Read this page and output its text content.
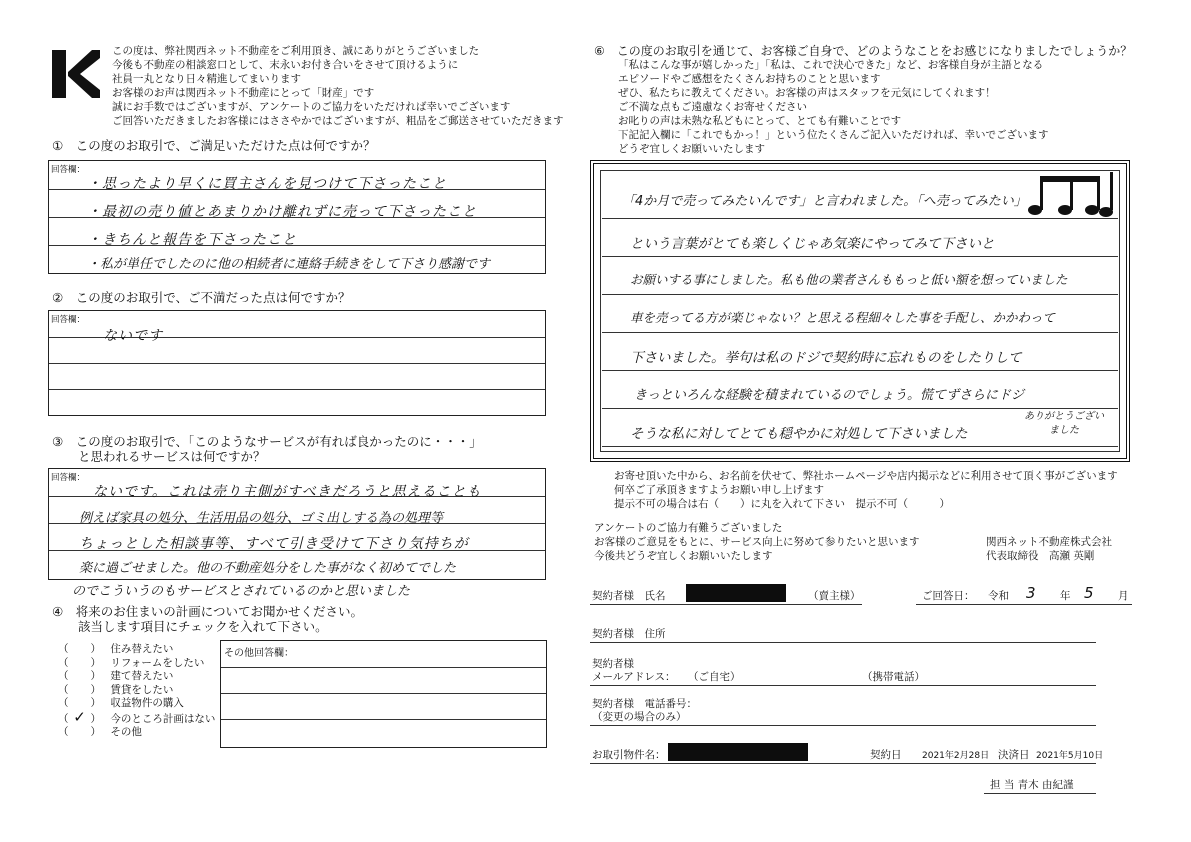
この度は、弊社関西ネット不動産をご利用頂き、誠にありがとうございました
今後も不動産の相談窓口として、末永いお付き合いをさせて頂けるように
社員一丸となり日々精進してまいります
お客様のお声は関西ネット不動産にとって「財産」です
誠にお手数ではございますが、アンケートのご協力をいただければ幸いでございます
ご回答いただきましたお客様にはささやかではございますが、粗品をご郵送させていただきます
①　この度のお取引で、ご満足いただけた点は何ですか？
回答欄：
・思ったより早くに買主さんを見つけて下さったこと
・最初の売り値とあまりかけ離れずに売って下さったこと
・きちんと報告を下さったこと
・私が単任でしたのに他の相続者に連絡手続きをして下さり感謝です
②　この度のお取引で、ご不満だった点は何ですか？
回答欄：
ないです
③　この度のお取引で、「このようなサービスが有れば良かったのに・・・」
と思われるサービスは何ですか？
回答欄：
ないです。これは売り主側がすべきだろうと思えることも
例えば家具の処分、生活用品の処分、ゴミ出しする為の処理等
ちょっとした相談事等、すべて引き受けて下さり気持ちが
楽に過ごせました。他の不動産処分をした事がなく初めてでした
のでこういうのもサービスとされているのかと思いました
④　将来のお住まいの計画についてお聞かせください。
該当します項目にチェックを入れて下さい。
（ ） 住み替えたい
（ ） リフォームをしたい
（ ） 建て替えたい
（ ） 賃貸をしたい
（ ） 収益物件の購入
（ ✓ ） 今のところ計画はない
（ ） その他
その他回答欄：
⑥　この度のお取引を通じて、お客様ご自身で、どのようなことをお感じになりましたでしょうか？
「私はこんな事が嬉しかった」「私は、これで決心できた」など、お客様自身が主語となる
エピソードやご感想をたくさんお持ちのことと思います
ぜひ、私たちに教えてください。お客様の声はスタッフを元気にしてくれます！
ご不満な点もご遠慮なくお寄せください
お叱りの声は未熟な私どもにとって、とても有難いことです
下記記入欄に「これでもかっ！」という位たくさんご記入いただければ、幸いでございます
どうぞ宜しくお願いいたします
「4か月で売ってみたいんです」と言われました。「へ売ってみたい」
という言葉がとても楽しくじゃあ気楽にやってみて下さいと
お願いする事にしました。私も他の業者さんももっと低い額を想っていました
車を売ってる方が楽じゃない？と思える程細々した事を手配し、かかわって
下さいました。挙句は私のドジで契約時に忘れものをしたりして
きっといろんな経験を積まれているのでしょう。慌てずさらにドジ
そうな私に対してとても穏やかに対処して下さいました
ありがとうございました
お寄せ頂いた中から、お名前を伏せて、弊社ホームページや店内掲示などに利用させて頂く事がございます
何卒ご了承頂きますようお願い申し上げます
提示不可の場合は右（　　）に丸を入れて下さい　提示不可（　　　）
アンケートのご協力有難うございました
お客様のご意見をもとに、サービス向上に努めて参りたいと思います
今後共どうぞ宜しくお願いいたします
関西ネット不動産株式会社
代表取締役　高瀬 英剛
契約者様　氏名	（賣主様）	ご回答日： 令和 3 年 5 月
契約者様　住所
契約者様
メールアドレス： （ご自宅）	（携帯電話）
契約者様　電話番号：
（変更の場合のみ）
お取引物件名：	契約日 2021年2月28日 決済日 2021年5月10日
担 当 青木 由紀謹
